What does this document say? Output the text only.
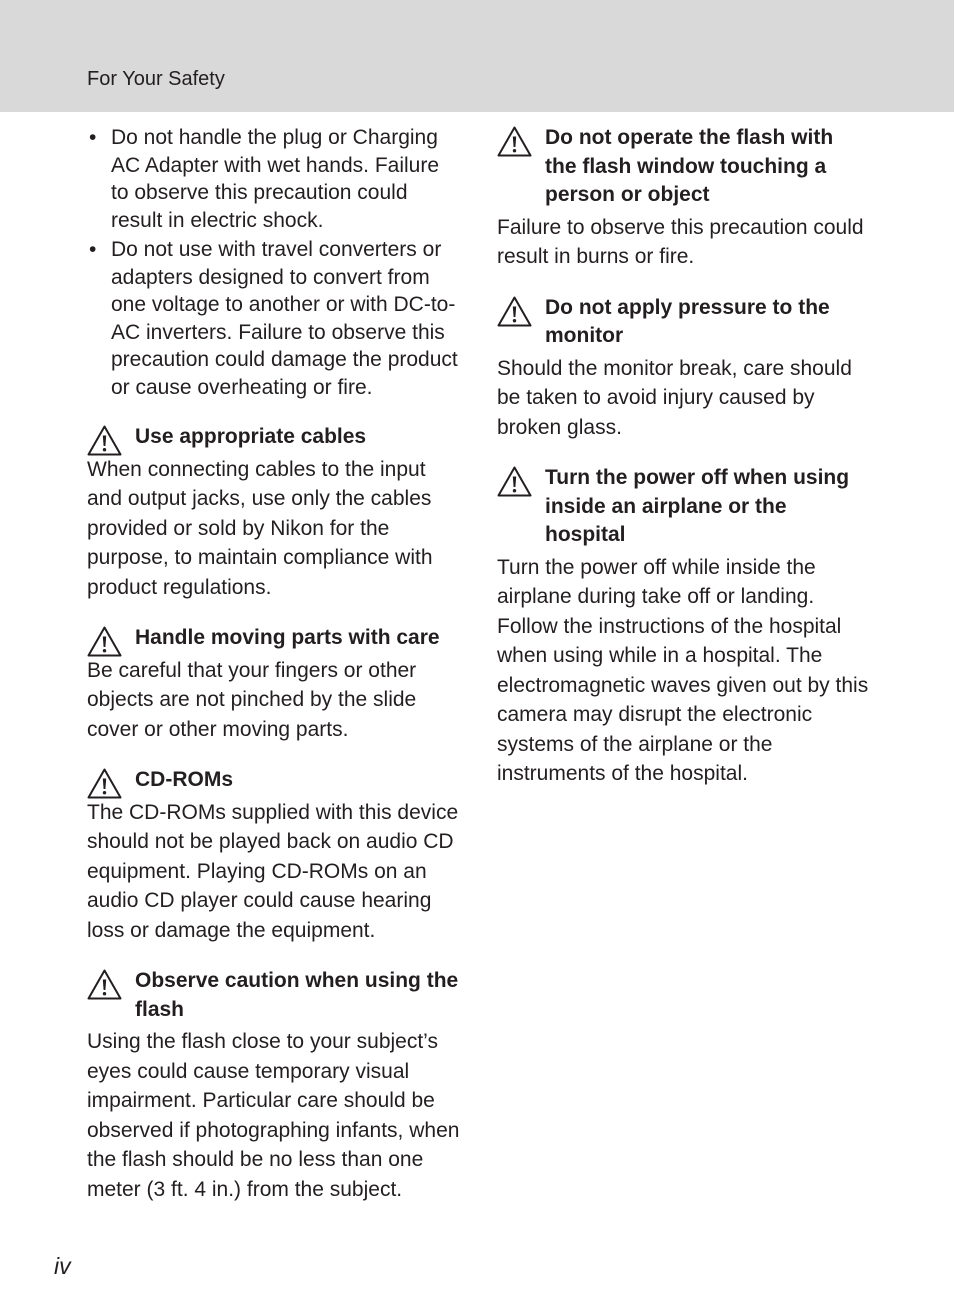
For Your Safety
• Do not handle the plug or Charging AC Adapter with wet hands. Failure to observe this precaution could result in electric shock.
• Do not use with travel converters or adapters designed to convert from one voltage to another or with DC-to-AC inverters. Failure to observe this precaution could damage the product or cause overheating or fire.
Use appropriate cables
When connecting cables to the input and output jacks, use only the cables provided or sold by Nikon for the purpose, to maintain compliance with product regulations.
Handle moving parts with care
Be careful that your fingers or other objects are not pinched by the slide cover or other moving parts.
CD-ROMs
The CD-ROMs supplied with this device should not be played back on audio CD equipment. Playing CD-ROMs on an audio CD player could cause hearing loss or damage the equipment.
Observe caution when using the flash
Using the flash close to your subject’s eyes could cause temporary visual impairment. Particular care should be observed if photographing infants, when the flash should be no less than one meter (3 ft. 4 in.) from the subject.
Do not operate the flash with the flash window touching a person or object
Failure to observe this precaution could result in burns or fire.
Do not apply pressure to the monitor
Should the monitor break, care should be taken to avoid injury caused by broken glass.
Turn the power off when using inside an airplane or the hospital
Turn the power off while inside the airplane during take off or landing. Follow the instructions of the hospital when using while in a hospital. The electromagnetic waves given out by this camera may disrupt the electronic systems of the airplane or the instruments of the hospital.
iv
